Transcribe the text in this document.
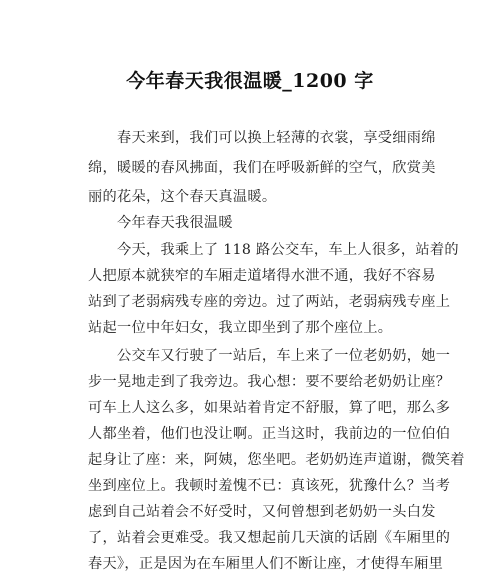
今年春天我很温暖_1200 字
　　春天来到，我们可以换上轻薄的衣裳，享受细雨绵
绵，暖暖的春风拂面，我们在呼吸新鲜的空气，欣赏美
丽的花朵，这个春天真温暖。
　　今年春天我很温暖
　　今天，我乘上了 118 路公交车，车上人很多，站着的
人把原本就狭窄的车厢走道堵得水泄不通，我好不容易
站到了老弱病残专座的旁边。过了两站，老弱病残专座上
站起一位中年妇女，我立即坐到了那个座位上。
　　公交车又行驶了一站后，车上来了一位老奶奶，她一
步一晃地走到了我旁边。我心想：要不要给老奶奶让座？
可车上人这么多，如果站着肯定不舒服，算了吧，那么多
人都坐着，他们也没让啊。正当这时，我前边的一位伯伯
起身让了座：来，阿姨，您坐吧。老奶奶连声道谢，微笑着
坐到座位上。我顿时羞愧不已：真该死，犹豫什么？当考
虑到自己站着会不好受时，又何曾想到老奶奶一头白发
了，站着会更难受。我又想起前几天演的话剧《车厢里的
春天》，正是因为在车厢里人们不断让座，才使得车厢里
